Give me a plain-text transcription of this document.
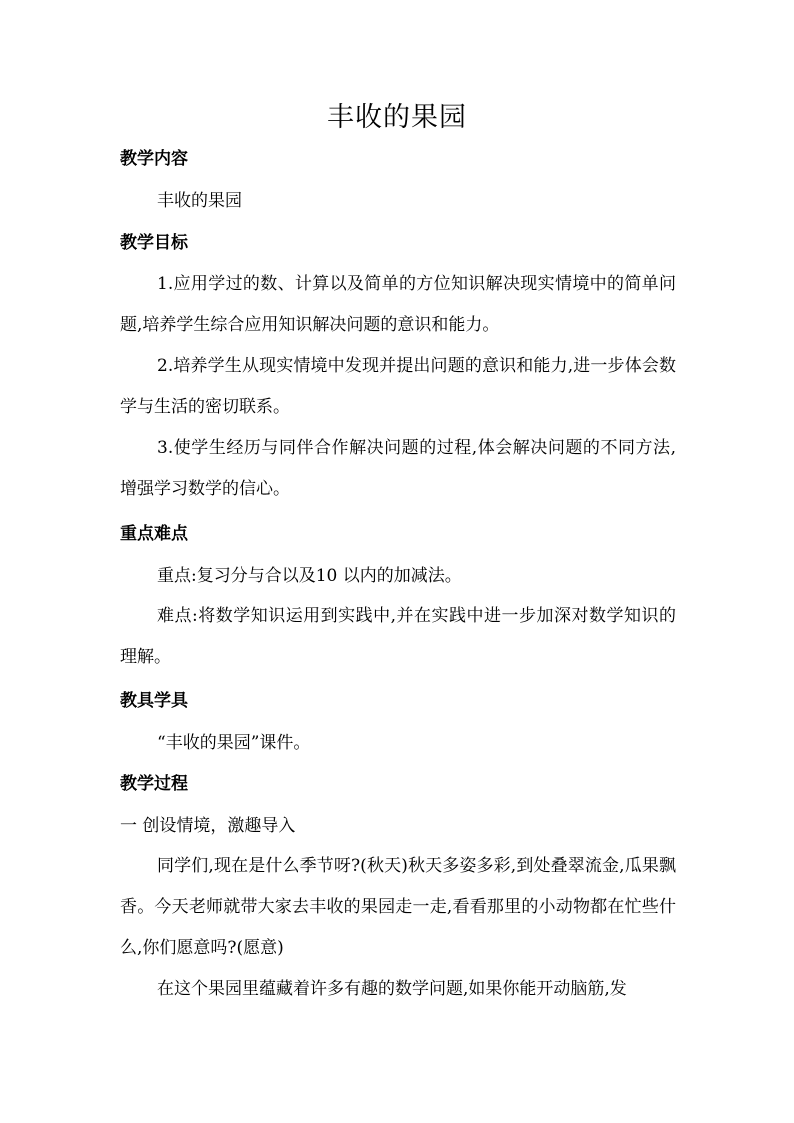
丰收的果园
教学内容
丰收的果园
教学目标
1.应用学过的数、计算以及简单的方位知识解决现实情境中的简单问题,培养学生综合应用知识解决问题的意识和能力。
2.培养学生从现实情境中发现并提出问题的意识和能力,进一步体会数学与生活的密切联系。
3.使学生经历与同伴合作解决问题的过程,体会解决问题的不同方法,增强学习数学的信心。
重点难点
重点:复习分与合以及10 以内的加减法。
难点:将数学知识运用到实践中,并在实践中进一步加深对数学知识的理解。
教具学具
“丰收的果园”课件。
教学过程
一 创设情境，激趣导入
同学们,现在是什么季节呀?(秋天)秋天多姿多彩,到处叠翠流金,瓜果飘香。今天老师就带大家去丰收的果园走一走,看看那里的小动物都在忙些什么,你们愿意吗?(愿意)
在这个果园里蕴藏着许多有趣的数学问题,如果你能开动脑筋,发
